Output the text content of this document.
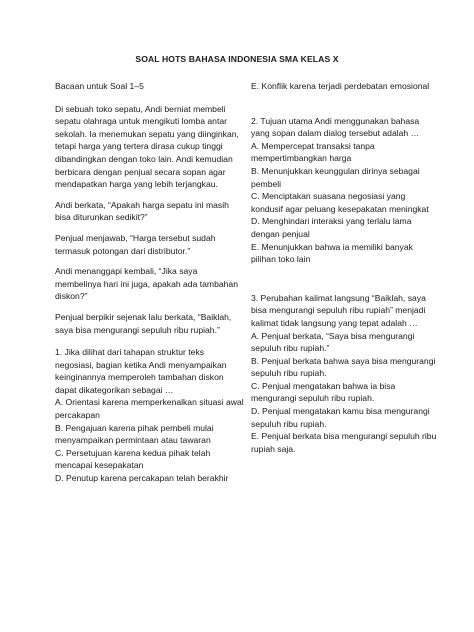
SOAL HOTS BAHASA INDONESIA SMA KELAS X

Bacaan untuk Soal 1–5

Di sebuah toko sepatu, Andi berniat membeli sepatu olahraga untuk mengikuti lomba antar sekolah. Ia menemukan sepatu yang diinginkan, tetapi harga yang tertera dirasa cukup tinggi dibandingkan dengan toko lain. Andi kemudian berbicara dengan penjual secara sopan agar mendapatkan harga yang lebih terjangkau.

Andi berkata, “Apakah harga sepatu ini masih bisa diturunkan sedikit?”

Penjual menjawab, “Harga tersebut sudah termasuk potongan dari distributor.”

Andi menanggapi kembali, “Jika saya membelinya hari ini juga, apakah ada tambahan diskon?”

Penjual berpikir sejenak lalu berkata, “Baiklah, saya bisa mengurangi sepuluh ribu rupiah.”

1. Jika dilihat dari tahapan struktur teks negosiasi, bagian ketika Andi menyampaikan keinginannya memperoleh tambahan diskon dapat dikategorikan sebagai …

A. Orientasi karena memperkenalkan situasi awal percakapan

B. Pengajuan karena pihak pembeli mulai menyampaikan permintaan atau tawaran

C. Persetujuan karena kedua pihak telah mencapai kesepakatan

D. Penutup karena percakapan telah berakhir

E. Konflik karena terjadi perdebatan emosional

2. Tujuan utama Andi menggunakan bahasa yang sopan dalam dialog tersebut adalah …

A. Mempercepat transaksi tanpa mempertimbangkan harga

B. Menunjukkan keunggulan dirinya sebagai pembeli

C. Menciptakan suasana negosiasi yang kondusif agar peluang kesepakatan meningkat

D. Menghindari interaksi yang terlalu lama dengan penjual

E. Menunjukkan bahwa ia memiliki banyak pilihan toko lain

3. Perubahan kalimat langsung “Baiklah, saya bisa mengurangi sepuluh ribu rupiah” menjadi kalimat tidak langsung yang tepat adalah …

A. Penjual berkata, “Saya bisa mengurangi sepuluh ribu rupiah.”

B. Penjual berkata bahwa saya bisa mengurangi sepuluh ribu rupiah.

C. Penjual mengatakan bahwa ia bisa mengurangi sepuluh ribu rupiah.

D. Penjual mengatakan kamu bisa mengurangi sepuluh ribu rupiah.

E. Penjual berkata bisa mengurangi sepuluh ribu rupiah saja.
